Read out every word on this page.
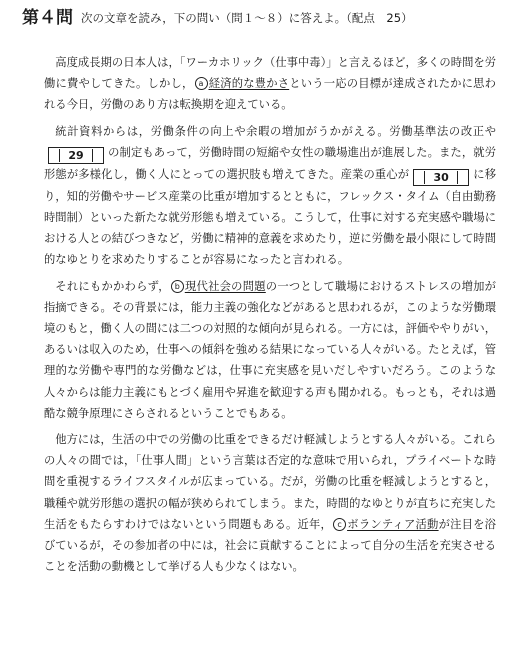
第４問 次の文章を読み，下の問い（問１～８）に答えよ。（配点　25）

高度成長期の日本人は，「ワーカホリック（仕事中毒）」と言えるほど，多くの時間を労働に費やしてきた。しかし， a 経済的な豊かさという一応の目標が達成されたかに思われる今日，労働のあり方は転換期を迎えている。

統計資料からは，労働条件の向上や余暇の増加がうかがえる。労働基準法の改正や29 の制定もあって，労働時間の短縮や女性の職場進出が進展した。また，就労形態が多様化し，働く人にとっての選択肢も増えてきた。産業の重心が 30 に移り，知的労働やサービス産業の比重が増加するとともに，フレックス・タイム（自由勤務時間制）といった新たな就労形態も増えている。こうして，仕事に対する充実感や職場における人との結びつきなど，労働に精神的意義を求めたり，逆に労働を最小限にして時間的なゆとりを求めたりすることが容易になったと言われる。

それにもかかわらず， b 現代社会の問題の一つとして職場におけるストレスの増加が指摘できる。その背景には，能力主義の強化などがあると思われるが，このような労働環境のもと，働く人の間には二つの対照的な傾向が見られる。一方には，評価ややりがい，あるいは収入のため，仕事への傾斜を強める結果になっている人々がいる。たとえば，管理的な労働や専門的な労働などは，仕事に充実感を見いだしやすいだろう。このような人々からは能力主義にもとづく雇用や昇進を歓迎する声も聞かれる。もっとも，それは過酷な競争原理にさらされるということでもある。

他方には，生活の中での労働の比重をできるだけ軽減しようとする人々がいる。これらの人々の間では，「仕事人間」という言葉は否定的な意味で用いられ，プライベートな時間を重視するライフスタイルが広まっている。だが，労働の比重を軽減しようとすると，職種や就労形態の選択の幅が狭められてしまう。また，時間的なゆとりが直ちに充実した生活をもたらすわけではないという問題もある。近年， c ボランティア活動が注目を浴びているが，その参加者の中には，社会に貢献することによって自分の生活を充実させることを活動の動機として挙げる人も少なくはない。
